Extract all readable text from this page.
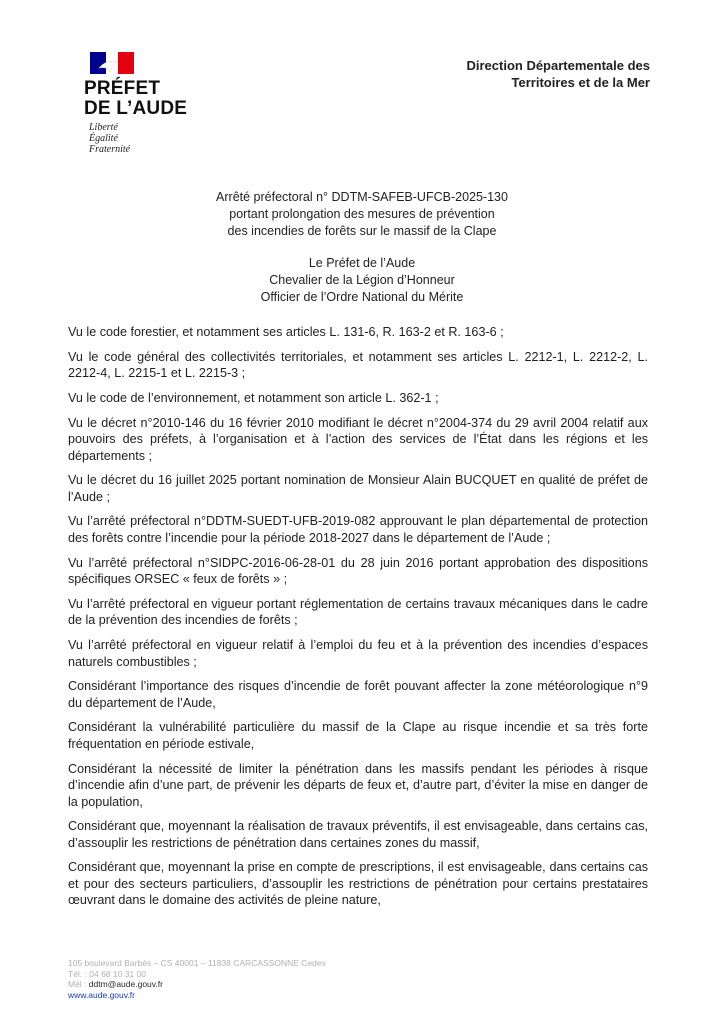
PRÉFET
DE L’AUDE
Liberté
Égalité
Fraternité
Direction Départementale des
Territoires et de la Mer
Arrêté préfectoral n° DDTM-SAFEB-UFCB-2025-130
portant prolongation des mesures de prévention
des incendies de forêts sur le massif de la Clape
Le Préfet de l’Aude
Chevalier de la Légion d’Honneur
Officier de l’Ordre National du Mérite

Vu le code forestier, et notamment ses articles L. 131-6, R. 163-2 et R. 163-6 ;

Vu le code général des collectivités territoriales, et notamment ses articles L. 2212-1, L. 2212-2, L. 2212-4, L. 2215-1 et L. 2215-3 ;

Vu le code de l’environnement, et notamment son article L. 362-1 ;

Vu le décret n°2010-146 du 16 février 2010 modifiant le décret n°2004-374 du 29 avril 2004 relatif aux pouvoirs des préfets, à l’organisation et à l’action des services de l’État dans les régions et les départements ;

Vu le décret du 16 juillet 2025 portant nomination de Monsieur Alain BUCQUET en qualité de préfet de l’Aude ;

Vu l’arrêté préfectoral n°DDTM-SUEDT-UFB-2019-082 approuvant le plan départemental de protection des forêts contre l’incendie pour la période 2018-2027 dans le département de l’Aude ;

Vu l’arrêté préfectoral n°SIDPC-2016-06-28-01 du 28 juin 2016 portant approbation des dispositions spécifiques ORSEC « feux de forêts » ;

Vu l’arrêté préfectoral en vigueur portant réglementation de certains travaux mécaniques dans le cadre de la prévention des incendies de forêts ;

Vu l’arrêté préfectoral en vigueur relatif à l’emploi du feu et à la prévention des incendies d’espaces naturels combustibles ;

Considérant l’importance des risques d’incendie de forêt pouvant affecter la zone météorologique n°9 du département de l’Aude,

Considérant la vulnérabilité particulière du massif de la Clape au risque incendie et sa très forte fréquentation en période estivale,

Considérant la nécessité de limiter la pénétration dans les massifs pendant les périodes à risque d’incendie afin d’une part, de prévenir les départs de feux et, d’autre part, d’éviter la mise en danger de la population,

Considérant que, moyennant la réalisation de travaux préventifs, il est envisageable, dans certains cas, d’assouplir les restrictions de pénétration dans certaines zones du massif,

Considérant que, moyennant la prise en compte de prescriptions, il est envisageable, dans certains cas et pour des secteurs particuliers, d’assouplir les restrictions de pénétration pour certains prestataires œuvrant dans le domaine des activités de pleine nature,

105 boulevard Barbès – CS 40001 – 11838 CARCASSONNE Cedex
Tél. : 04 68 10 31 00
Mél : ddtm@aude.gouv.fr
www.aude.gouv.fr
